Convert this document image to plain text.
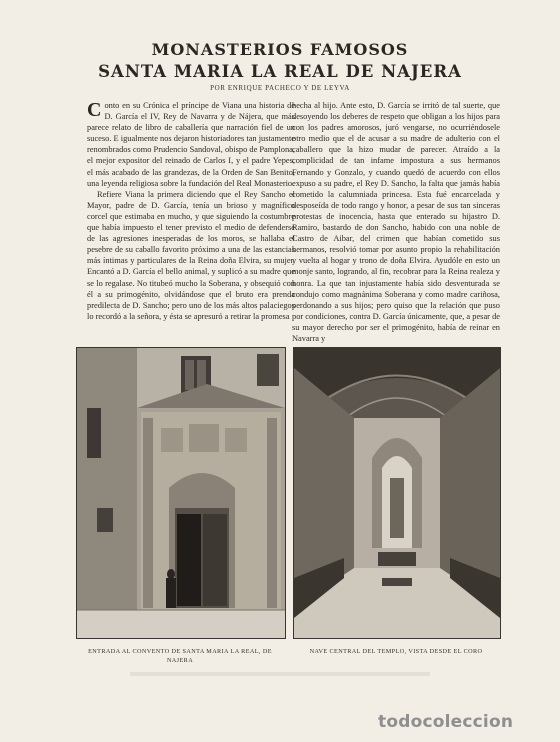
MONASTERIOS FAMOSOS
SANTA MARIA LA REAL DE NAJERA
POR ENRIQUE PACHECO Y DE LEYVA

Conto en su Crónica el príncipe de Viana una historia de D. García el IV, Rey de Navarra y de Nájera, que más parece relato de libro de caballería que narración fiel de un suceso. E igualmente nos dejaron historiadores tan justamente renombrados como Prudencio Sandoval, obispo de Pamplona, el mejor expositor del reinado de Carlos I, y el padre Yepes, el más acabado de las grandezas, de la Orden de San Benito, una leyenda religiosa sobre la fundación del Real Monasterio.

Refiere Viana la primera diciendo que el Rey Sancho el Mayor, padre de D. García, tenía un brioso y magnífico corcel que estimaba en mucho, y que siguiendo la costumbre que había impuesto el tener previsto el medio de defenderse de las agresiones inesperadas de los moros, se hallaba el pesebre de su caballo favorito próximo a una de las estancias más íntimas y particulares de la Reina doña Elvira, su mujer. Encantó a D. García el bello animal, y suplicó a su madre que se lo regalase. No titubeó mucho la Soberana, y obsequió con él a su primogénito, olvidándose que el bruto era prenda predilecta de D. Sancho; pero uno de los más altos palaciegos lo recordó a la señora, y ésta se apresuró a retirar la promesa

hecha al hijo. Ante esto, D. García se irritó de tal suerte, que desoyendo los deberes de respeto que obligan a los hijos para con los padres amorosos, juró vengarse, no ocurriéndosele otro medio que el de acusar a su madre de adulterio con el caballero que la hizo mudar de parecer. Atraído a la complicidad de tan infame impostura a sus hermanos Fernando y Gonzalo, y cuando quedó de acuerdo con ellos expuso a su padre, el Rey D. Sancho, la falta que jamás había cometido la calumniada princesa. Esta fué encarcelada y desposeída de todo rango y honor, a pesar de sus tan sinceras protestas de inocencia, hasta que enterado su hijastro D. Ramiro, bastardo de don Sancho, habido con una noble de Castro de Aibar, del crimen que habían cometido sus hermanos, resolvió tomar por asunto propio la rehabilitación y vuelta al hogar y trono de doña Elvira. Ayudóle en esto un monje santo, logrando, al fin, recobrar para la Reina realeza y honra. La que tan injustamente había sido desventurada se condujo como magnánima Soberana y como madre cariñosa, perdonando a sus hijos; pero quiso que la relación que puso por condiciones, contra D. García únicamente, que, a pesar de su mayor derecho por ser el primogénito, había de reinar en Navarra y

ENTRADA AL CONVENTO DE SANTA MARIA LA REAL, DE NAJERA
NAVE CENTRAL DEL TEMPLO, VISTA DESDE EL CORO
todocoleccion
